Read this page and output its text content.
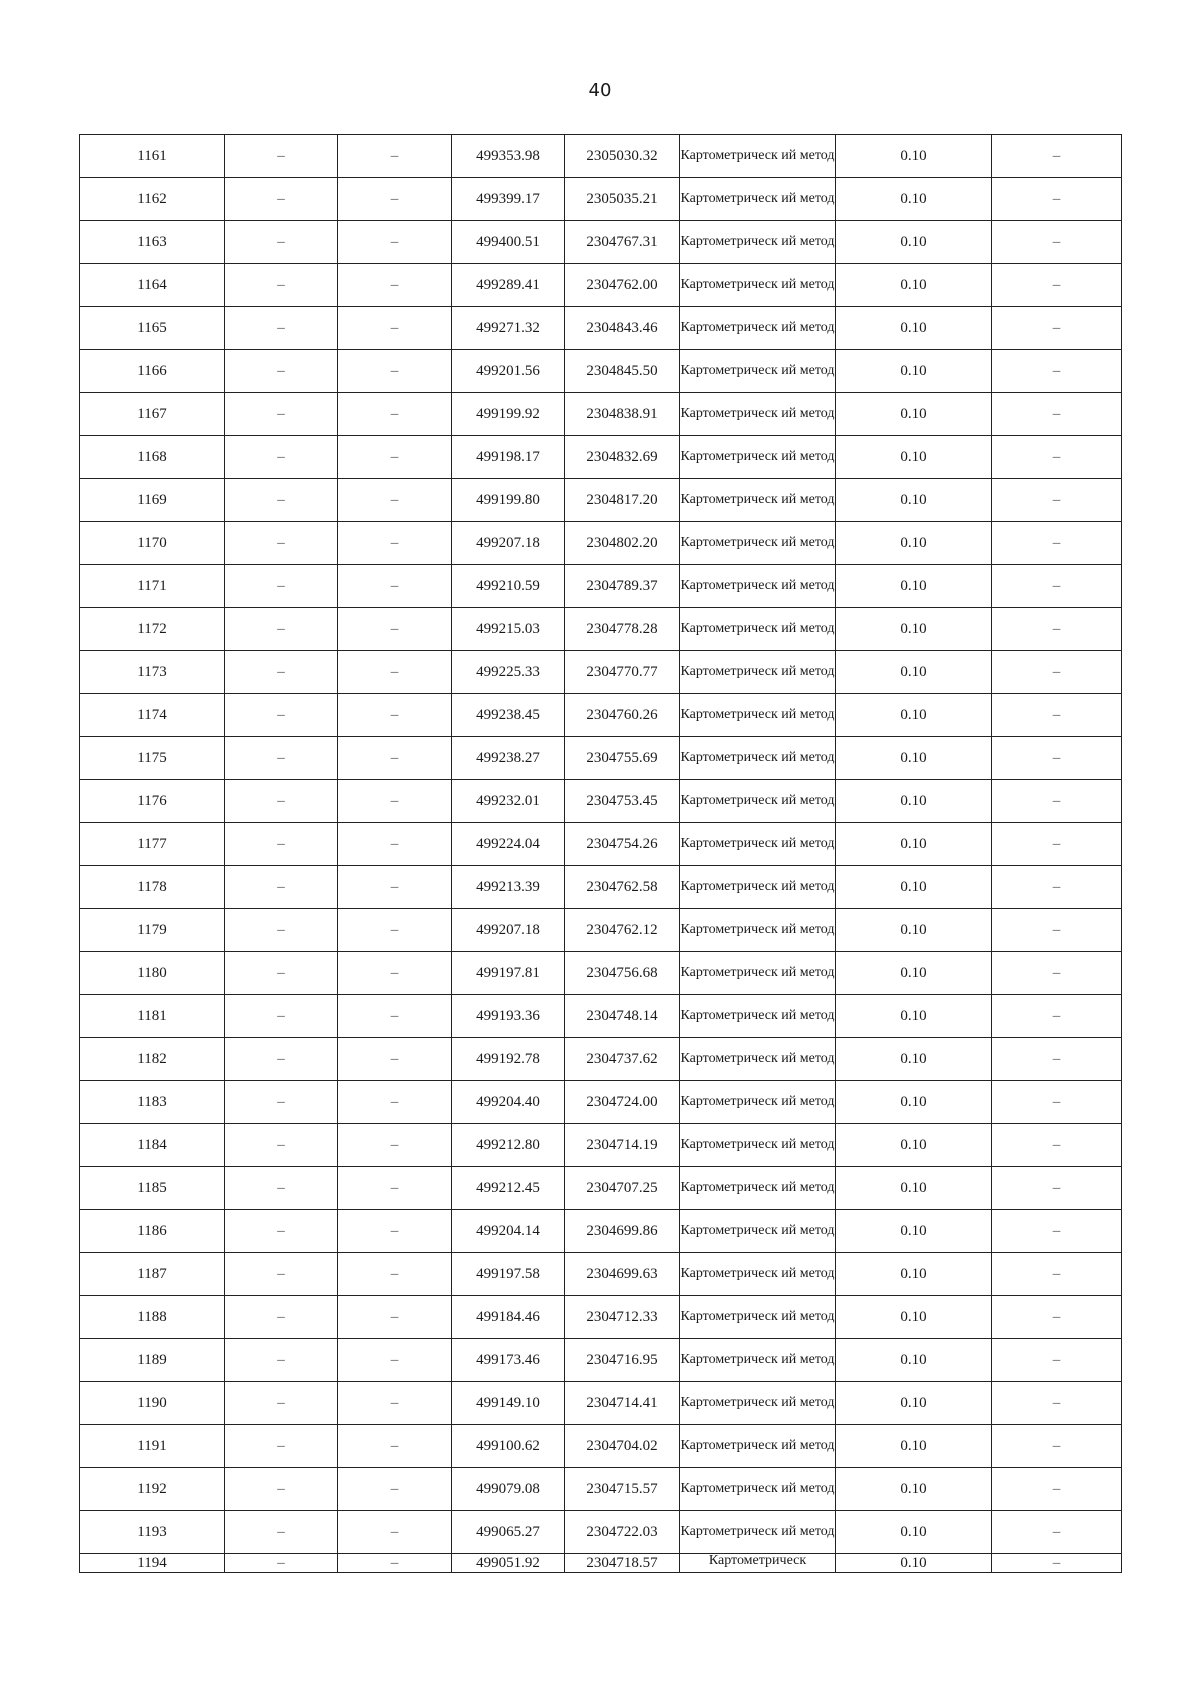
40
1161	–	–	499353.98	2305030.32	Картометрическ ий метод	0.10	–
1162	–	–	499399.17	2305035.21	Картометрическ ий метод	0.10	–
1163	–	–	499400.51	2304767.31	Картометрическ ий метод	0.10	–
1164	–	–	499289.41	2304762.00	Картометрическ ий метод	0.10	–
1165	–	–	499271.32	2304843.46	Картометрическ ий метод	0.10	–
1166	–	–	499201.56	2304845.50	Картометрическ ий метод	0.10	–
1167	–	–	499199.92	2304838.91	Картометрическ ий метод	0.10	–
1168	–	–	499198.17	2304832.69	Картометрическ ий метод	0.10	–
1169	–	–	499199.80	2304817.20	Картометрическ ий метод	0.10	–
1170	–	–	499207.18	2304802.20	Картометрическ ий метод	0.10	–
1171	–	–	499210.59	2304789.37	Картометрическ ий метод	0.10	–
1172	–	–	499215.03	2304778.28	Картометрическ ий метод	0.10	–
1173	–	–	499225.33	2304770.77	Картометрическ ий метод	0.10	–
1174	–	–	499238.45	2304760.26	Картометрическ ий метод	0.10	–
1175	–	–	499238.27	2304755.69	Картометрическ ий метод	0.10	–
1176	–	–	499232.01	2304753.45	Картометрическ ий метод	0.10	–
1177	–	–	499224.04	2304754.26	Картометрическ ий метод	0.10	–
1178	–	–	499213.39	2304762.58	Картометрическ ий метод	0.10	–
1179	–	–	499207.18	2304762.12	Картометрическ ий метод	0.10	–
1180	–	–	499197.81	2304756.68	Картометрическ ий метод	0.10	–
1181	–	–	499193.36	2304748.14	Картометрическ ий метод	0.10	–
1182	–	–	499192.78	2304737.62	Картометрическ ий метод	0.10	–
1183	–	–	499204.40	2304724.00	Картометрическ ий метод	0.10	–
1184	–	–	499212.80	2304714.19	Картометрическ ий метод	0.10	–
1185	–	–	499212.45	2304707.25	Картометрическ ий метод	0.10	–
1186	–	–	499204.14	2304699.86	Картометрическ ий метод	0.10	–
1187	–	–	499197.58	2304699.63	Картометрическ ий метод	0.10	–
1188	–	–	499184.46	2304712.33	Картометрическ ий метод	0.10	–
1189	–	–	499173.46	2304716.95	Картометрическ ий метод	0.10	–
1190	–	–	499149.10	2304714.41	Картометрическ ий метод	0.10	–
1191	–	–	499100.62	2304704.02	Картометрическ ий метод	0.10	–
1192	–	–	499079.08	2304715.57	Картометрическ ий метод	0.10	–
1193	–	–	499065.27	2304722.03	Картометрическ ий метод	0.10	–
1194	–	–	499051.92	2304718.57	Картометрическ	0.10	–
